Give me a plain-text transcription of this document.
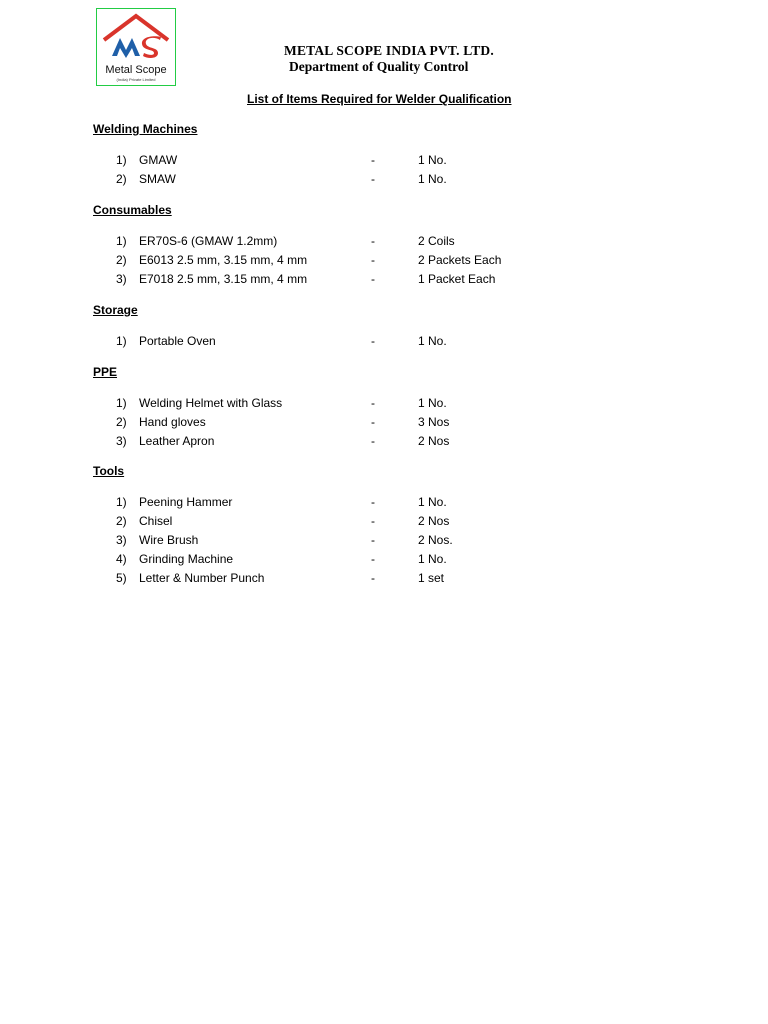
Metal Scope
(India) Private Limited
METAL SCOPE INDIA PVT. LTD.
Department of Quality Control
List of Items Required for Welder Qualification
Welding Machines
1) GMAW	-	1 No.
2) SMAW	-	1 No.
Consumables
1) ER70S-6 (GMAW 1.2mm)	-	2 Coils
2) E6013 2.5 mm, 3.15 mm, 4 mm	-	2 Packets Each
3) E7018 2.5 mm, 3.15 mm, 4 mm	-	1 Packet Each
Storage
1) Portable Oven	-	1 No.
PPE
1) Welding Helmet with Glass	-	1 No.
2) Hand gloves	-	3 Nos
3) Leather Apron	-	2 Nos
Tools
1) Peening Hammer	-	1 No.
2) Chisel	-	2 Nos
3) Wire Brush	-	2 Nos.
4) Grinding Machine	-	1 No.
5) Letter & Number Punch	-	1 set
